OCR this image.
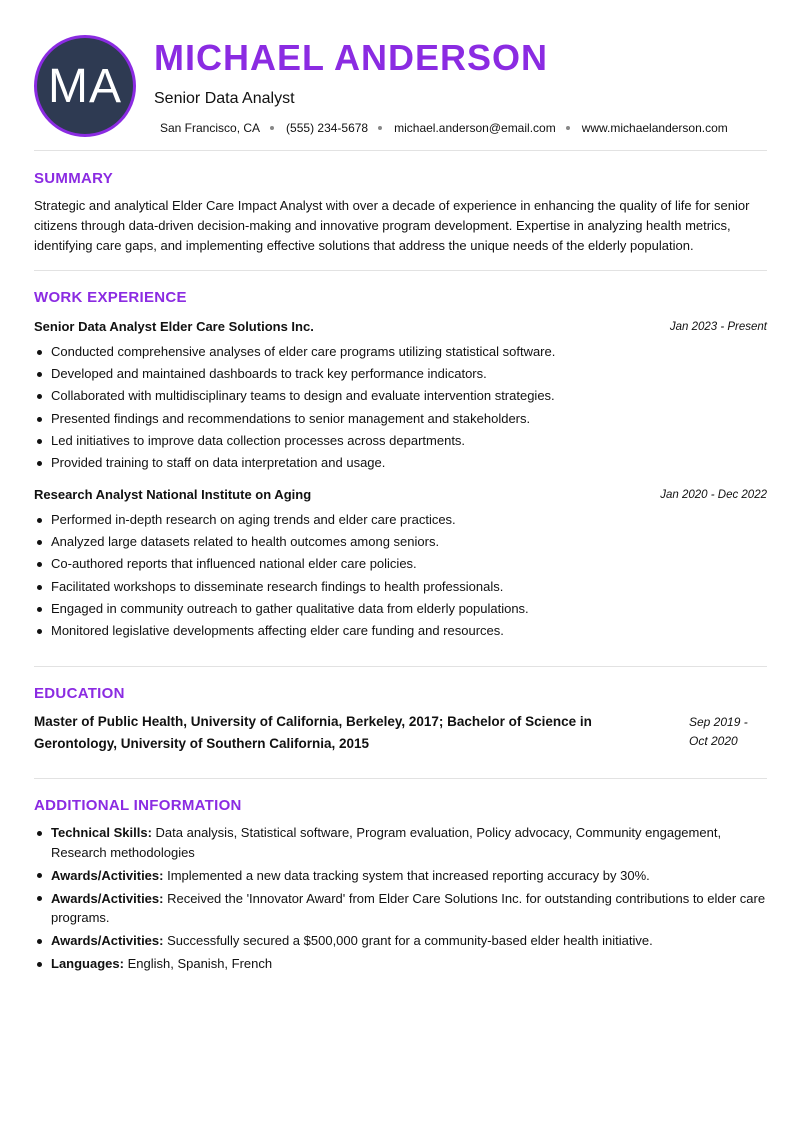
MA
MICHAEL ANDERSON
Senior Data Analyst
San Francisco, CA (555) 234-5678 michael.anderson@email.com www.michaelanderson.com
SUMMARY

Strategic and analytical Elder Care Impact Analyst with over a decade of experience in enhancing the quality of life for senior citizens through data-driven decision-making and innovative program development. Expertise in analyzing health metrics, identifying care gaps, and implementing effective solutions that address the unique needs of the elderly population.

WORK EXPERIENCE
Senior Data Analyst Elder Care Solutions Inc.	Jan 2023 - Present
Conducted comprehensive analyses of elder care programs utilizing statistical software.
Developed and maintained dashboards to track key performance indicators.
Collaborated with multidisciplinary teams to design and evaluate intervention strategies.
Presented findings and recommendations to senior management and stakeholders.
Led initiatives to improve data collection processes across departments.
Provided training to staff on data interpretation and usage.
Research Analyst National Institute on Aging	Jan 2020 - Dec 2022
Performed in-depth research on aging trends and elder care practices.
Analyzed large datasets related to health outcomes among seniors.
Co-authored reports that influenced national elder care policies.
Facilitated workshops to disseminate research findings to health professionals.
Engaged in community outreach to gather qualitative data from elderly populations.
Monitored legislative developments affecting elder care funding and resources.
EDUCATION
Master of Public Health, University of California, Berkeley, 2017; Bachelor of Science in Gerontology, University of Southern California, 2015
Sep 2019 - Oct 2020
ADDITIONAL INFORMATION
Technical Skills: Data analysis, Statistical software, Program evaluation, Policy advocacy, Community engagement, Research methodologies
Awards/Activities: Implemented a new data tracking system that increased reporting accuracy by 30%.
Awards/Activities: Received the 'Innovator Award' from Elder Care Solutions Inc. for outstanding contributions to elder care programs.
Awards/Activities: Successfully secured a $500,000 grant for a community-based elder health initiative.
Languages: English, Spanish, French
